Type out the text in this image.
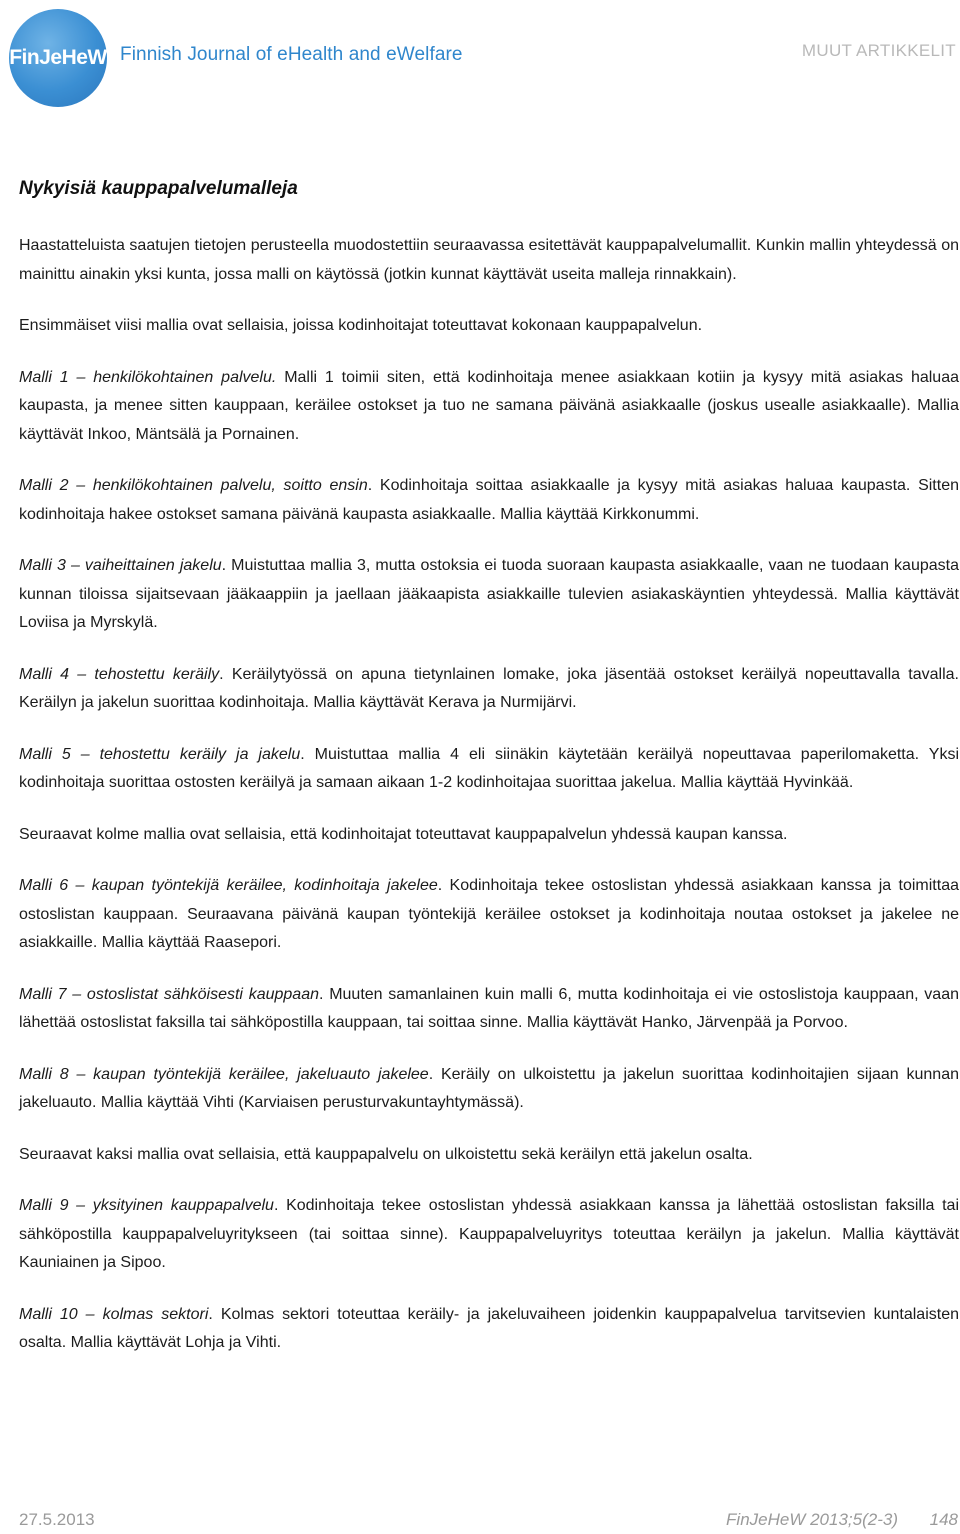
FinJeHeW Finnish Journal of eHealth and eWelfare	MUUT ARTIKKELIT
Nykyisiä kauppapalvelumalleja

Haastatteluista saatujen tietojen perusteella muodostettiin seuraavassa esitettävät kauppapalvelumallit. Kunkin mallin yhteydessä on mainittu ainakin yksi kunta, jossa malli on käytössä (jotkin kunnat käyttävät useita malleja rinnakkain).

Ensimmäiset viisi mallia ovat sellaisia, joissa kodinhoitajat toteuttavat kokonaan kauppapalvelun.

Malli 1 – henkilökohtainen palvelu. Malli 1 toimii siten, että kodinhoitaja menee asiakkaan kotiin ja kysyy mitä asiakas haluaa kaupasta, ja menee sitten kauppaan, keräilee ostokset ja tuo ne samana päivänä asiakkaalle (joskus usealle asiakkaalle). Mallia käyttävät Inkoo, Mäntsälä ja Pornainen.

Malli 2 – henkilökohtainen palvelu, soitto ensin. Kodinhoitaja soittaa asiakkaalle ja kysyy mitä asiakas haluaa kaupasta. Sitten kodinhoitaja hakee ostokset samana päivänä kaupasta asiakkaalle. Mallia käyttää Kirkkonummi.

Malli 3 – vaiheittainen jakelu. Muistuttaa mallia 3, mutta ostoksia ei tuoda suoraan kaupasta asiakkaalle, vaan ne tuodaan kaupasta kunnan tiloissa sijaitsevaan jääkaappiin ja jaellaan jääkaapista asiakkaille tulevien asiakaskäyntien yhteydessä. Mallia käyttävät Loviisa ja Myrskylä.

Malli 4 – tehostettu keräily. Keräilytyössä on apuna tietynlainen lomake, joka jäsentää ostokset keräilyä nopeuttavalla tavalla. Keräilyn ja jakelun suorittaa kodinhoitaja. Mallia käyttävät Kerava ja Nurmijärvi.

Malli 5 – tehostettu keräily ja jakelu. Muistuttaa mallia 4 eli siinäkin käytetään keräilyä nopeuttavaa paperilomaketta. Yksi kodinhoitaja suorittaa ostosten keräilyä ja samaan aikaan 1-2 kodinhoitajaa suorittaa jakelua. Mallia käyttää Hyvinkää.

Seuraavat kolme mallia ovat sellaisia, että kodinhoitajat toteuttavat kauppapalvelun yhdessä kaupan kanssa.

Malli 6 – kaupan työntekijä keräilee, kodinhoitaja jakelee. Kodinhoitaja tekee ostoslistan yhdessä asiakkaan kanssa ja toimittaa ostoslistan kauppaan. Seuraavana päivänä kaupan työntekijä keräilee ostokset ja kodinhoitaja noutaa ostokset ja jakelee ne asiakkaille. Mallia käyttää Raasepori.

Malli 7 – ostoslistat sähköisesti kauppaan. Muuten samanlainen kuin malli 6, mutta kodinhoitaja ei vie ostoslistoja kauppaan, vaan lähettää ostoslistat faksilla tai sähköpostilla kauppaan, tai soittaa sinne. Mallia käyttävät Hanko, Järvenpää ja Porvoo.

Malli 8 – kaupan työntekijä keräilee, jakeluauto jakelee. Keräily on ulkoistettu ja jakelun suorittaa kodinhoitajien sijaan kunnan jakeluauto. Mallia käyttää Vihti (Karviaisen perusturvakuntayhtymässä).

Seuraavat kaksi mallia ovat sellaisia, että kauppapalvelu on ulkoistettu sekä keräilyn että jakelun osalta.

Malli 9 – yksityinen kauppapalvelu. Kodinhoitaja tekee ostoslistan yhdessä asiakkaan kanssa ja lähettää ostoslistan faksilla tai sähköpostilla kauppapalveluyritykseen (tai soittaa sinne). Kauppapalveluyritys toteuttaa keräilyn ja jakelun. Mallia käyttävät Kauniainen ja Sipoo.

Malli 10 – kolmas sektori. Kolmas sektori toteuttaa keräily- ja jakeluvaiheen joidenkin kauppapalvelua tarvitsevien kuntalaisten osalta. Mallia käyttävät Lohja ja Vihti.

27.5.2013	FinJeHeW 2013;5(2-3) 148
